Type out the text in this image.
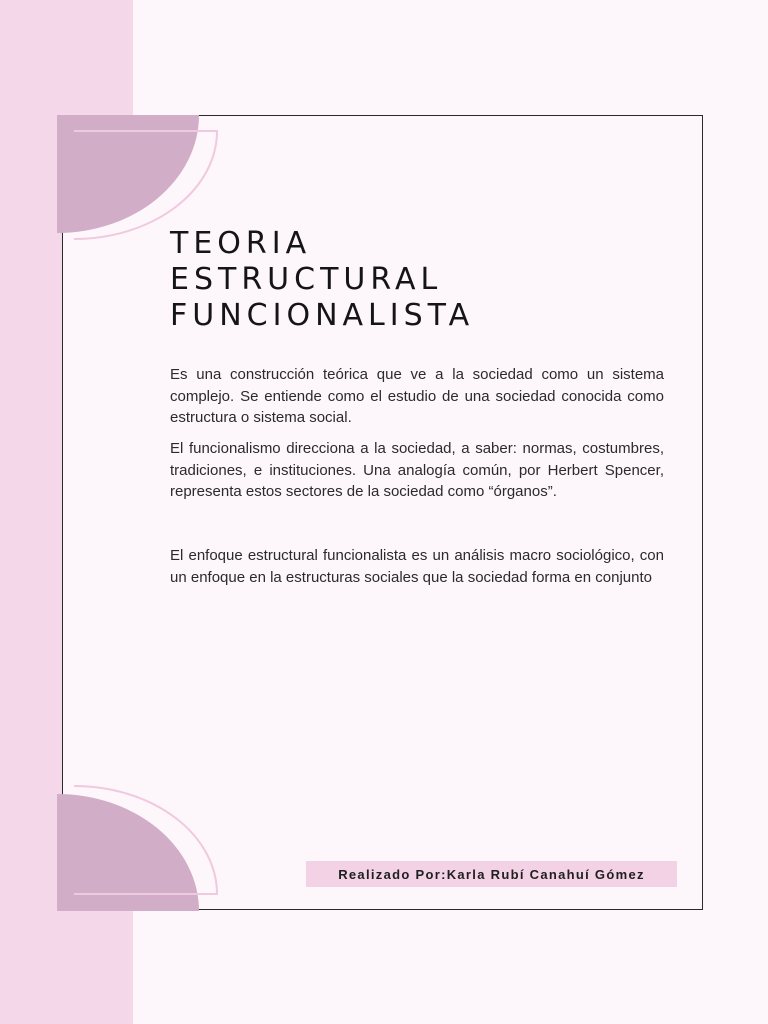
TEORIA
ESTRUCTURAL
FUNCIONALISTA

Es una construcción teórica que ve a la sociedad como un sistema complejo. Se entiende como el estudio de una sociedad conocida como estructura o sistema social.

El funcionalismo direcciona a la sociedad, a saber: normas, costumbres, tradiciones, e instituciones. Una analogía común, por Herbert Spencer, representa estos sectores de la sociedad como “órganos”.

El enfoque estructural funcionalista es un análisis macro sociológico, con un enfoque en la estructuras sociales que la sociedad forma en conjunto

Realizado Por:Karla Rubí Canahuí Gómez
